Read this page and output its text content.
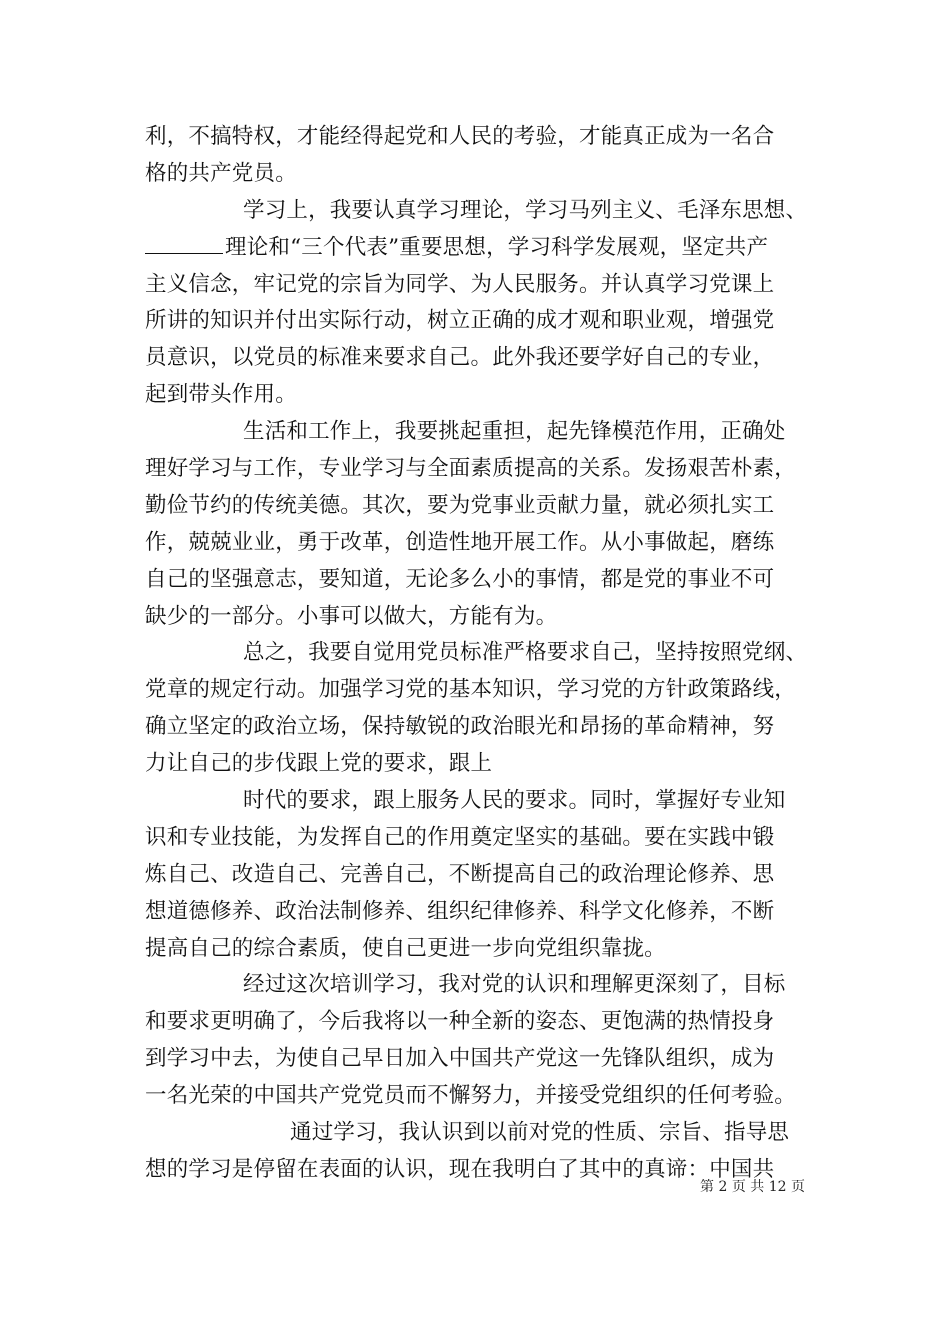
利，不搞特权，才能经得起党和人民的考验，才能真正成为一名合
格的共产党员。
学习上，我要认真学习理论，学习马列主义、毛泽东思想、
理论和“三个代表”重要思想，学习科学发展观，坚定共产
主义信念，牢记党的宗旨为同学、为人民服务。并认真学习党课上
所讲的知识并付出实际行动，树立正确的成才观和职业观，增强党
员意识，以党员的标准来要求自己。此外我还要学好自己的专业，
起到带头作用。
生活和工作上，我要挑起重担，起先锋模范作用，正确处
理好学习与工作，专业学习与全面素质提高的关系。发扬艰苦朴素，
勤俭节约的传统美德。其次，要为党事业贡献力量，就必须扎实工
作，兢兢业业，勇于改革，创造性地开展工作。从小事做起，磨练
自己的坚强意志，要知道，无论多么小的事情，都是党的事业不可
缺少的一部分。小事可以做大，方能有为。
总之，我要自觉用党员标准严格要求自己，坚持按照党纲、
党章的规定行动。加强学习党的基本知识，学习党的方针政策路线，
确立坚定的政治立场，保持敏锐的政治眼光和昂扬的革命精神，努
力让自己的步伐跟上党的要求，跟上
时代的要求，跟上服务人民的要求。同时，掌握好专业知
识和专业技能，为发挥自己的作用奠定坚实的基础。要在实践中锻
炼自己、改造自己、完善自己，不断提高自己的政治理论修养、思
想道德修养、政治法制修养、组织纪律修养、科学文化修养，不断
提高自己的综合素质，使自己更进一步向党组织靠拢。
经过这次培训学习，我对党的认识和理解更深刻了，目标
和要求更明确了，今后我将以一种全新的姿态、更饱满的热情投身
到学习中去，为使自己早日加入中国共产党这一先锋队组织，成为
一名光荣的中国共产党党员而不懈努力，并接受党组织的任何考验。
通过学习，我认识到以前对党的性质、宗旨、指导思
想的学习是停留在表面的认识，现在我明白了其中的真谛：中国共
第 2 页 共 12 页
